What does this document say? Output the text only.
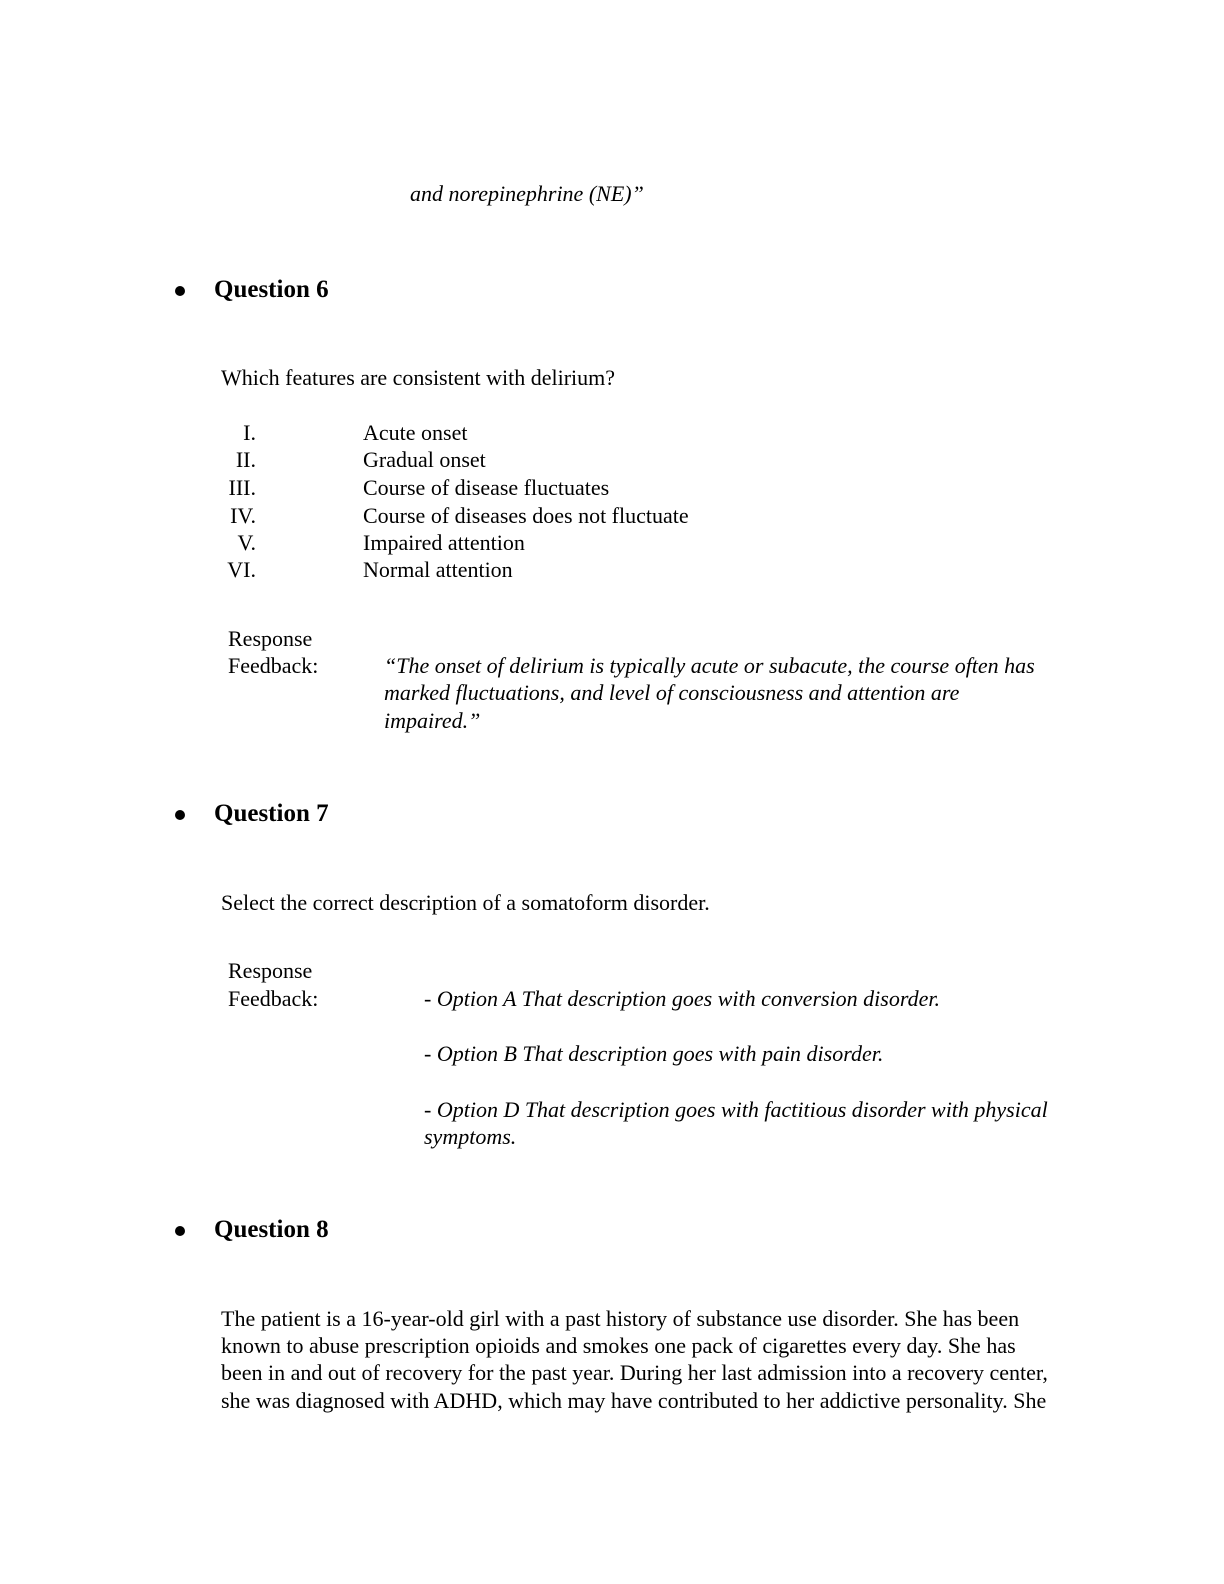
and norepinephrine (NE)”
Question 6
Which features are consistent with delirium?
I.	Acute onset
II.	Gradual onset
III.	Course of disease fluctuates
IV.	Course of diseases does not fluctuate
V.	Impaired attention
VI.	Normal attention
Response
Feedback:	“The onset of delirium is typically acute or subacute, the course often has
marked fluctuations, and level of consciousness and attention are
impaired.”
Question 7
Select the correct description of a somatoform disorder.
Response
Feedback:	- Option A That description goes with conversion disorder.
- Option B That description goes with pain disorder.
- Option D That description goes with factitious disorder with physical
symptoms.
Question 8
The patient is a 16-year-old girl with a past history of substance use disorder. She has been
known to abuse prescription opioids and smokes one pack of cigarettes every day. She has
been in and out of recovery for the past year. During her last admission into a recovery center,
she was diagnosed with ADHD, which may have contributed to her addictive personality. She
